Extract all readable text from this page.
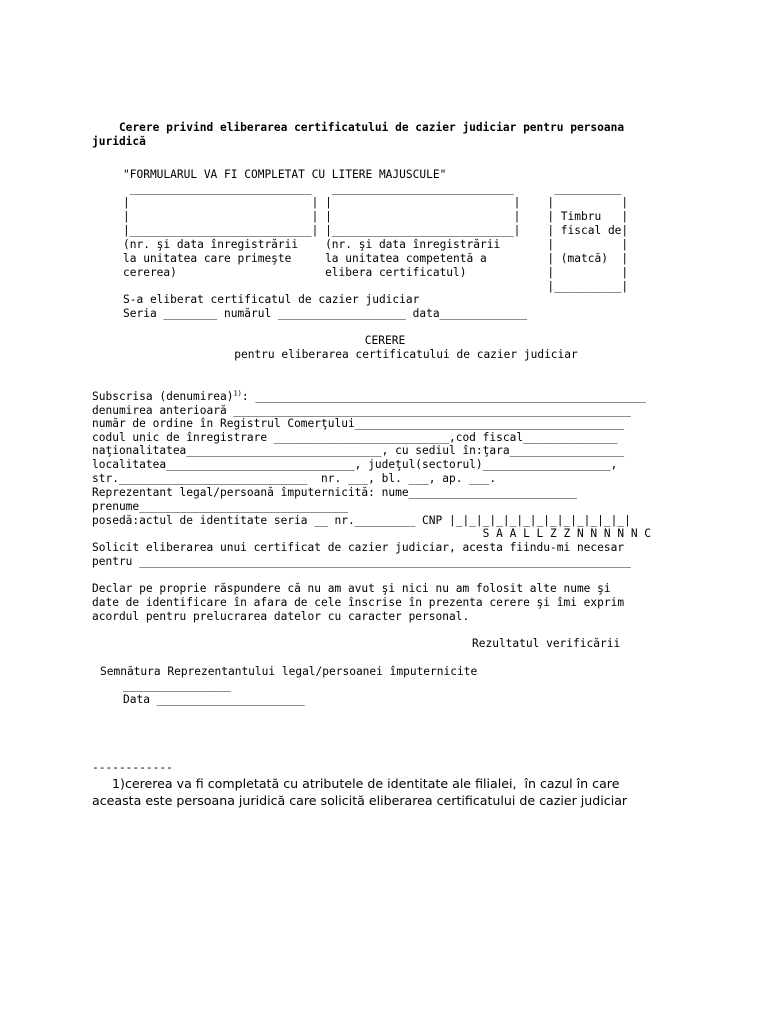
Cerere privind eliberarea certificatului de cazier judiciar pentru persoana
juridică
"FORMULARUL VA FI COMPLETAT CU LITERE MAJUSCULE"
___________________________   ___________________________      __________
|                           | |                           |    |          |
|                           | |                           |    | Timbru   |
|___________________________| |___________________________|    | fiscal de|
(nr. şi data înregistrării    (nr. şi data înregistrării       |          |
la unitatea care primeşte     la unitatea competentă a         | (matcă)  |
cererea)                      elibera certificatul)            |          |
|__________|
S-a eliberat certificatul de cazier judiciar
Seria ________ numărul ___________________ data_____________
CERERE
pentru eliberarea certificatului de cazier judiciar
Subscrisa (denumirea)$^{1)}$: __________________________________________________________
denumirea anterioară ___________________________________________________________
număr de ordine în Registrul Comerţului________________________________________
codul unic de înregistrare __________________________,cod fiscal______________
naţionalitatea_____________________________, cu sediul în:ţara_________________
localitatea____________________________, judeţul(sectorul)___________________,
str.____________________________  nr. ___, bl. ___, ap. ___.
Reprezentant legal/persoană împuternicită: nume_________________________
prenume_______________________________
posedă:actul de identitate seria __ nr._________ CNP |_|_|_|_|_|_|_|_|_|_|_|_|_|
S A A L L Z Z N N N N N C
Solicit eliberarea unui certificat de cazier judiciar, acesta fiindu-mi necesar
pentru _________________________________________________________________________
Declar pe proprie răspundere că nu am avut şi nici nu am folosit alte nume şi
date de identificare în afara de cele înscrise în prezenta cerere şi îmi exprim
acordul pentru prelucrarea datelor cu caracter personal.
Rezultatul verificării
Semnătura Reprezentantului legal/persoanei împuternicite
________________
Data ______________________
------------
1)cererea va fi completată cu atributele de identitate ale filialei,  în cazul în care
aceasta este persoana juridică care solicită eliberarea certificatului de cazier judiciar
